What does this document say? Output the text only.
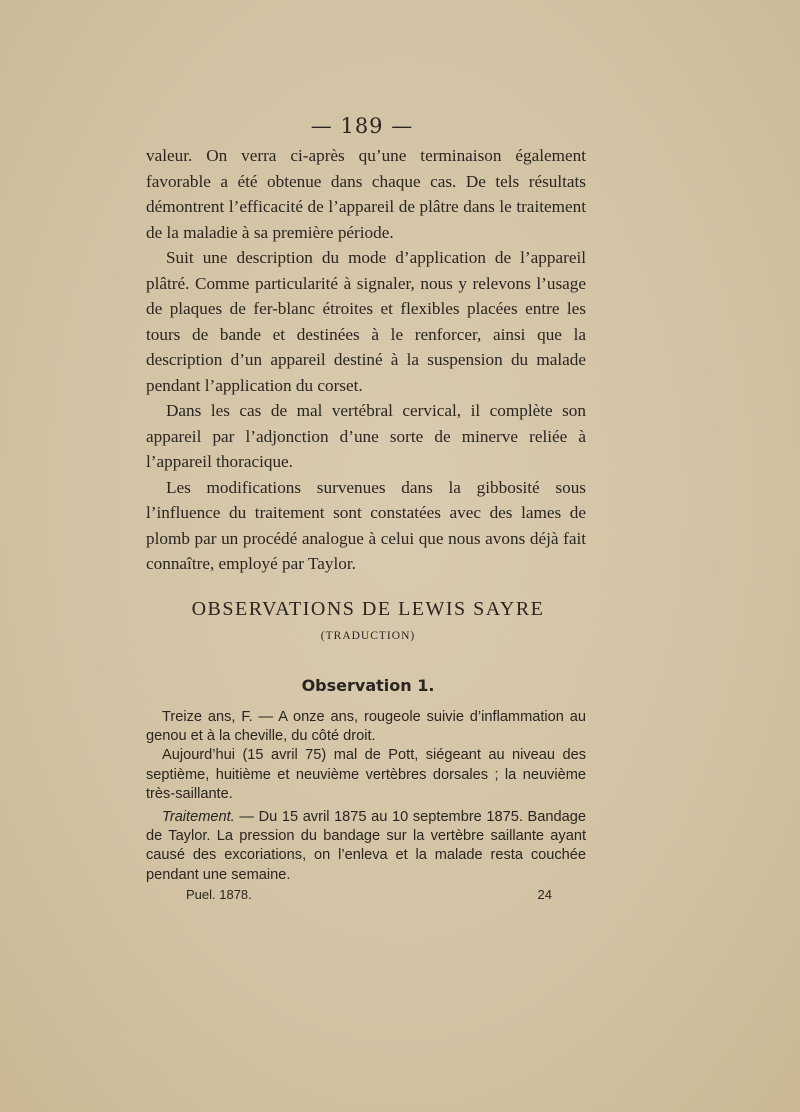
— 189 —

valeur. On verra ci-après qu’une terminaison également favorable a été obtenue dans chaque cas. De tels résultats démontrent l’efficacité de l’appareil de plâtre dans le traitement de la maladie à sa première période.

Suit une description du mode d’application de l’appareil plâtré. Comme particularité à signaler, nous y relevons l’usage de plaques de fer-blanc étroites et flexibles placées entre les tours de bande et destinées à le renforcer, ainsi que la description d’un appareil destiné à la suspension du malade pendant l’application du corset.

Dans les cas de mal vertébral cervical, il complète son appareil par l’adjonction d’une sorte de minerve reliée à l’appareil thoracique.

Les modifications survenues dans la gibbosité sous l’influence du traitement sont constatées avec des lames de plomb par un procédé analogue à celui que nous avons déjà fait connaître, employé par Taylor.

OBSERVATIONS DE LEWIS SAYRE
(TRADUCTION)
Observation 1.

Treize ans, F. — A onze ans, rougeole suivie d’inflammation au genou et à la cheville, du côté droit.

Aujourd’hui (15 avril 75) mal de Pott, siégeant au niveau des septième, huitième et neuvième vertèbres dorsales ; la neuvième très-saillante.

Traitement. — Du 15 avril 1875 au 10 septembre 1875. Bandage de Taylor. La pression du bandage sur la vertèbre saillante ayant causé des excoriations, on l’enleva et la malade resta couchée pendant une semaine.

Puel. 1878.	24
